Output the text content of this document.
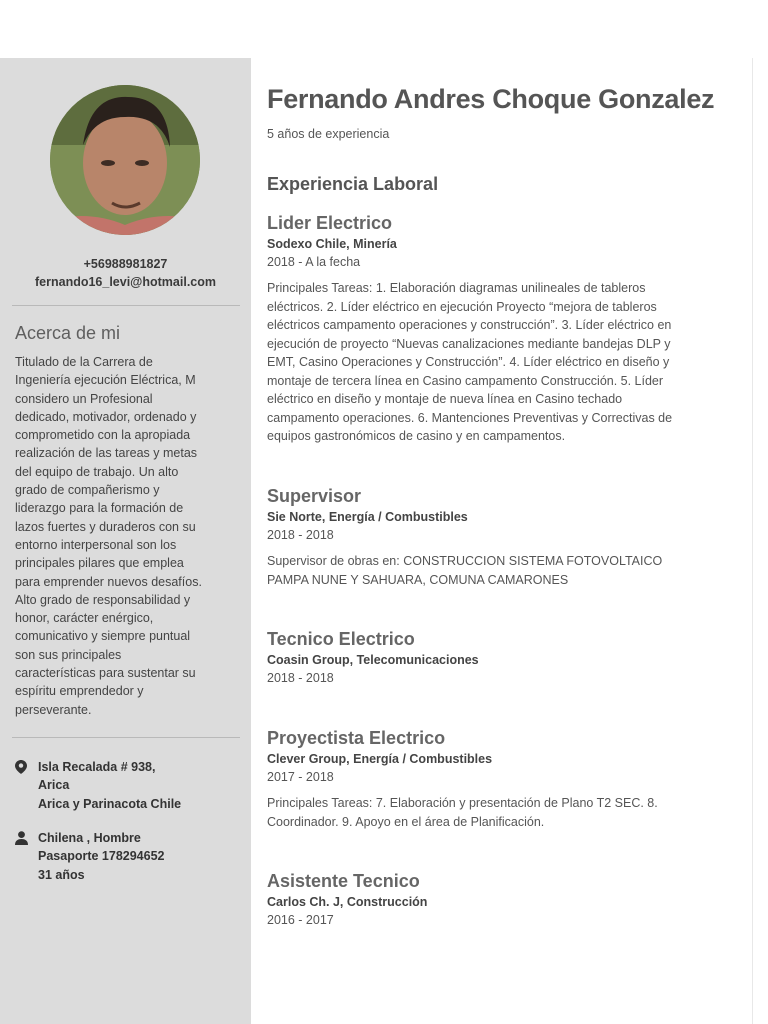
+56988981827
fernando16_levi@hotmail.com
Acerca de mi
Titulado de la Carrera de Ingeniería ejecución Eléctrica, M considero un Profesional dedicado, motivador, ordenado y comprometido con la apropiada realización de las tareas y metas del equipo de trabajo. Un alto grado de compañerismo y liderazgo para la formación de lazos fuertes y duraderos con su entorno interpersonal son los principales pilares que emplea para emprender nuevos desafíos. Alto grado de responsabilidad y honor, carácter enérgico, comunicativo y siempre puntual son sus principales características para sustentar su espíritu emprendedor y perseverante.
Isla Recalada # 938,
Arica
Arica y Parinacota Chile
Chilena , Hombre
Pasaporte 178294652
31 años
Fernando Andres Choque Gonzalez
5 años de experiencia
Experiencia Laboral
Lider Electrico
Sodexo Chile, Minería
2018 - A la fecha
Principales Tareas: 1. Elaboración diagramas unilineales de tableros eléctricos. 2. Líder eléctrico en ejecución Proyecto “mejora de tableros eléctricos campamento operaciones y construcción”. 3. Líder eléctrico en ejecución de proyecto “Nuevas canalizaciones mediante bandejas DLP y EMT, Casino Operaciones y Construcción”. 4. Líder eléctrico en diseño y montaje de tercera línea en Casino campamento Construcción. 5. Líder eléctrico en diseño y montaje de nueva línea en Casino techado campamento operaciones. 6. Mantenciones Preventivas y Correctivas de equipos gastronómicos de casino y en campamentos.
Supervisor
Sie Norte, Energía / Combustibles
2018 - 2018
Supervisor de obras en: CONSTRUCCION SISTEMA FOTOVOLTAICO PAMPA NUNE Y SAHUARA, COMUNA CAMARONES
Tecnico Electrico
Coasin Group, Telecomunicaciones
2018 - 2018
Proyectista Electrico
Clever Group, Energía / Combustibles
2017 - 2018
Principales Tareas: 7. Elaboración y presentación de Plano T2 SEC. 8. Coordinador. 9. Apoyo en el área de Planificación.
Asistente Tecnico
Carlos Ch. J, Construcción
2016 - 2017
